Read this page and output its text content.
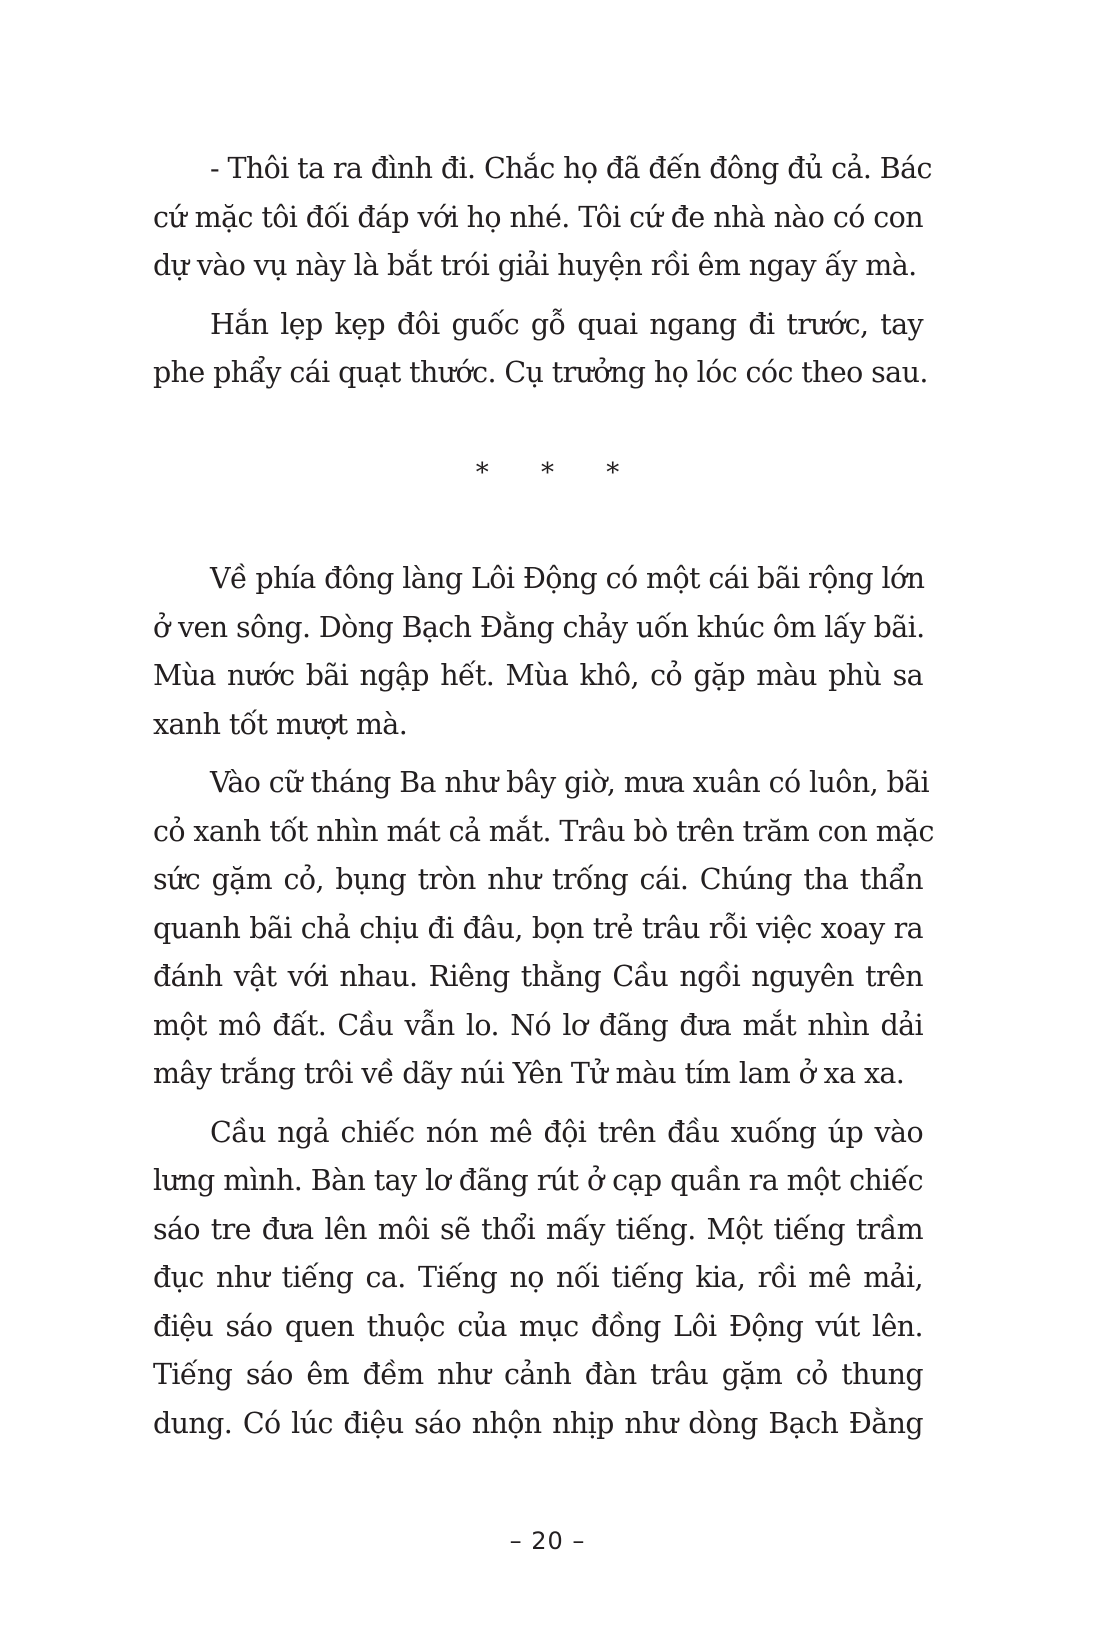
- Thôi ta ra đình đi. Chắc họ đã đến đông đủ cả. Bác
cứ mặc tôi đối đáp với họ nhé. Tôi cứ đe nhà nào có con
dự vào vụ này là bắt trói giải huyện rồi êm ngay ấy mà.

Hắn lẹp kẹp đôi guốc gỗ quai ngang đi trước, tay
phe phẩy cái quạt thước. Cụ trưởng họ lóc cóc theo sau.

* * *

Về phía đông làng Lôi Động có một cái bãi rộng lớn
ở ven sông. Dòng Bạch Đằng chảy uốn khúc ôm lấy bãi.
Mùa nước bãi ngập hết. Mùa khô, cỏ gặp màu phù sa
xanh tốt mượt mà.

Vào cữ tháng Ba như bây giờ, mưa xuân có luôn, bãi
cỏ xanh tốt nhìn mát cả mắt. Trâu bò trên trăm con mặc
sức gặm cỏ, bụng tròn như trống cái. Chúng tha thẩn
quanh bãi chả chịu đi đâu, bọn trẻ trâu rỗi việc xoay ra
đánh vật với nhau. Riêng thằng Cầu ngồi nguyên trên
một mô đất. Cầu vẫn lo. Nó lơ đãng đưa mắt nhìn dải
mây trắng trôi về dãy núi Yên Tử màu tím lam ở xa xa.

Cầu ngả chiếc nón mê đội trên đầu xuống úp vào
lưng mình. Bàn tay lơ đãng rút ở cạp quần ra một chiếc
sáo tre đưa lên môi sẽ thổi mấy tiếng. Một tiếng trầm
đục như tiếng ca. Tiếng nọ nối tiếng kia, rồi mê mải,
điệu sáo quen thuộc của mục đồng Lôi Động vút lên.
Tiếng sáo êm đềm như cảnh đàn trâu gặm cỏ thung
dung. Có lúc điệu sáo nhộn nhịp như dòng Bạch Đằng

– 20 –
